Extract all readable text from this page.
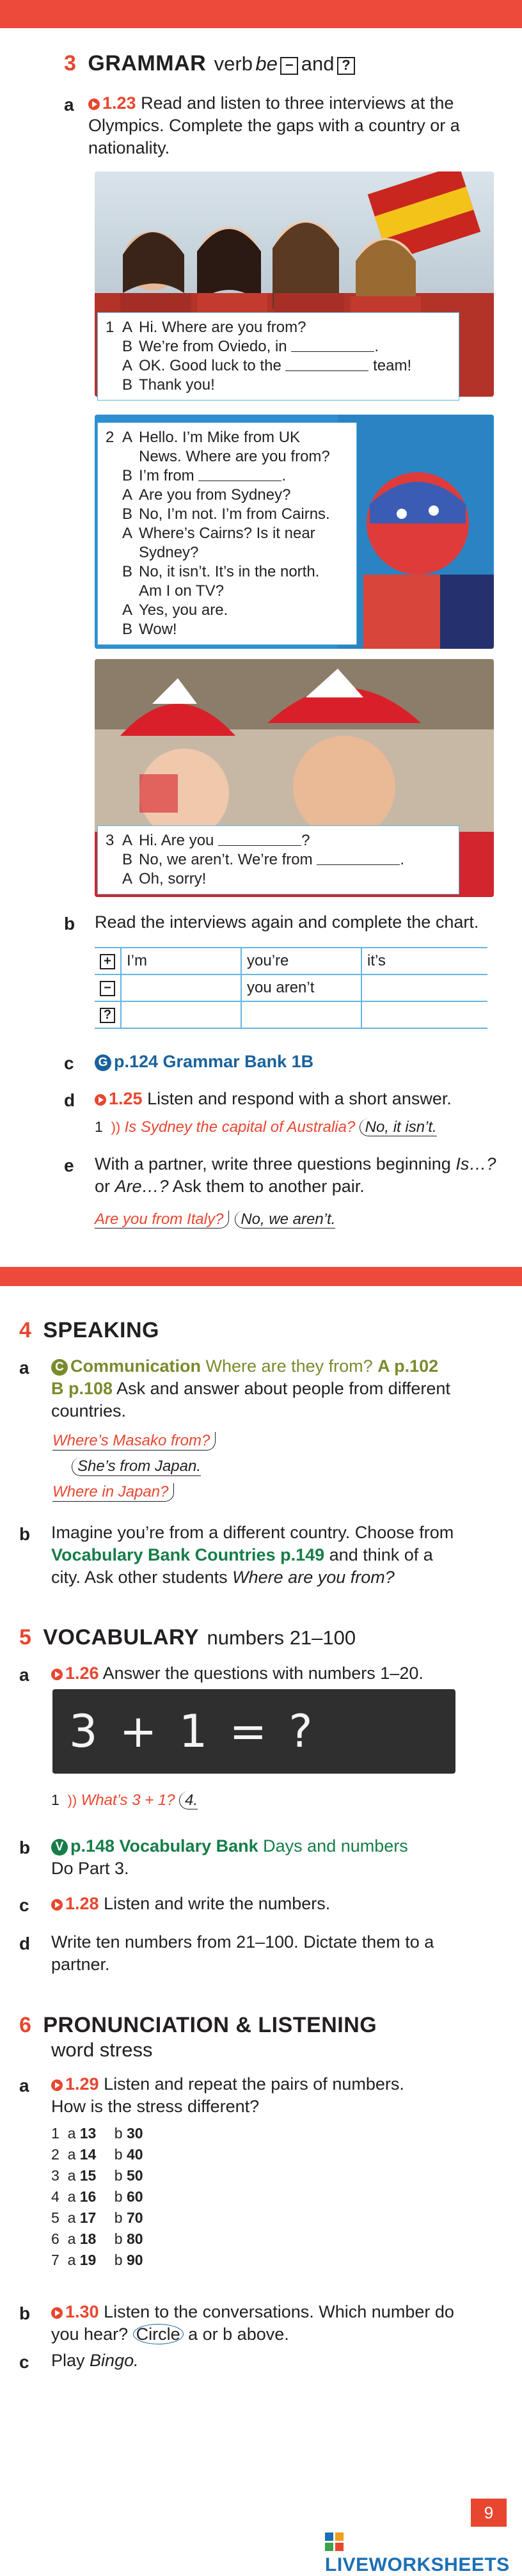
3 GRAMMAR verb be − and ?
a	1.23 Read and listen to three interviews at the Olympics. Complete the gaps with a country or a nationality.
1 A Hi. Where are you from?
B We’re from Oviedo, in
	.
A OK. Good luck to the

	team!
B Thank you!
2 A Hello. I’m Mike from UK News. Where are you from?
B I’m from
	.
A Are you from Sydney?
B No, I’m not. I’m from Cairns.
A Where’s Cairns? Is it near Sydney?
B No, it isn’t. It’s in the north. Am I on TV?
A Yes, you are.
B Wow!
3 A Hi. Are you
	?
B No, we aren’t. We’re from
	.
A Oh, sorry!
b Read the interviews again and complete the chart.
+	I’m	you’re	it’s
−		you aren’t	
?			
c G p.124 Grammar Bank 1B
d	1.25 Listen and respond with a short answer.
1 )) Is Sydney the capital of Australia? No, it isn’t.
e With a partner, write three questions beginning Is…? or Are…? Ask them to another pair.
Are you from Italy? No, we aren’t.
4 SPEAKING
a	C Communication Where are they from? A p.102
B p.108 Ask and answer about people from different countries.
Where’s Masako from?
She’s from Japan.
Where in Japan?
b Imagine you’re from a different country. Choose from Vocabulary Bank Countries p.149 and think of a city. Ask other students Where are you from?
5 VOCABULARY numbers 21–100
a	1.26 Answer the questions with numbers 1–20.
3 + 1 = ?
1 )) What’s 3 + 1? 4.
b	V p.148 Vocabulary Bank Days and numbers
Do Part 3.
c	1.28 Listen and write the numbers.
d Write ten numbers from 21–100. Dictate them to a partner.
6 PRONUNCIATION & LISTENING
word stress
a	1.29 Listen and repeat the pairs of numbers. How is the stress different?
1 a 13 b 30
2 a 14 b 40
3 a 15 b 50
4 a 16 b 60
5 a 17 b 70
6 a 18 b 80
7 a 19 b 90
b	1.30 Listen to the conversations. Which number do you hear? Circle a or b above.
c Play Bingo.
9
LIVEWORKSHEETS
